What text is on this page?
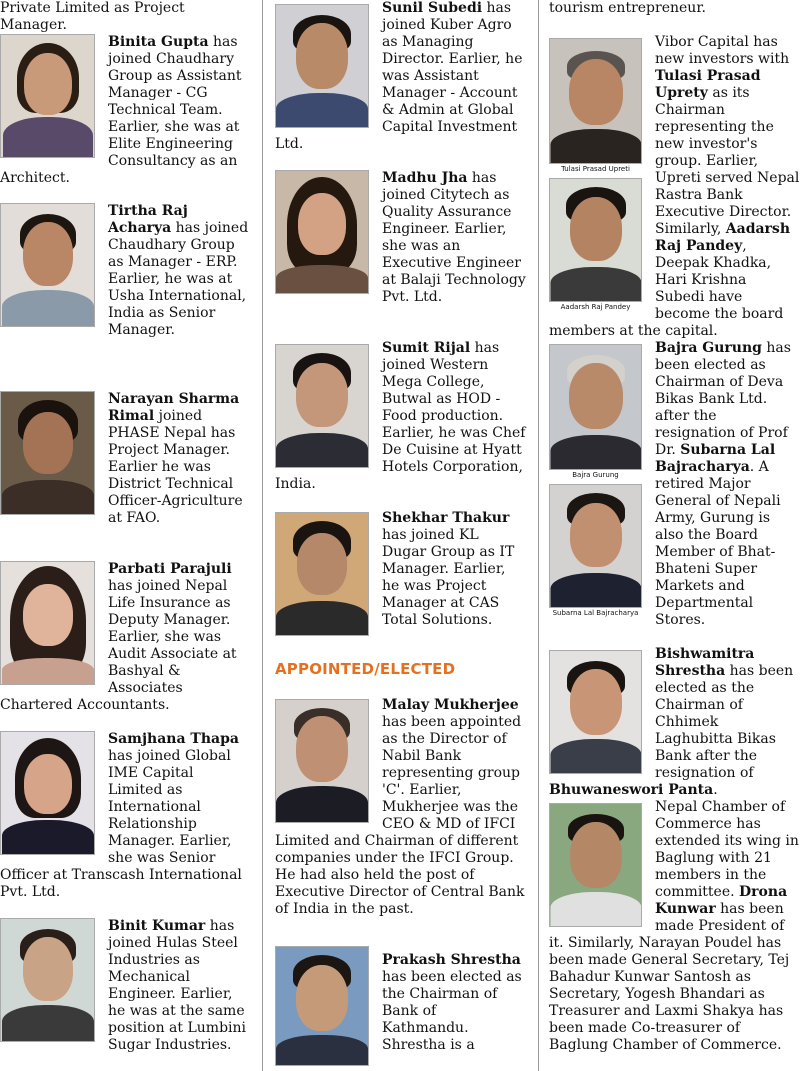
Private Limited as Project Manager.
Binita Gupta has joined Chaudhary Group as Assistant Manager - CG Technical Team. Earlier, she was at Elite Engineering Consultancy as an Architect.
Tirtha Raj Acharya has joined Chaudhary Group as Manager - ERP. Earlier, he was at Usha International, India as Senior Manager.
Narayan Sharma Rimal joined PHASE Nepal has Project Manager. Earlier he was District Technical Officer-Agriculture at FAO.
Parbati Parajuli has joined Nepal Life Insurance as Deputy Manager. Earlier, she was Audit Associate at Bashyal & Associates Chartered Accountants.
Samjhana Thapa has joined Global IME Capital Limited as International Relationship Manager. Earlier, she was Senior Officer at Transcash International Pvt. Ltd.
Binit Kumar has joined Hulas Steel Industries as Mechanical Engineer. Earlier, he was at the same position at Lumbini Sugar Industries.
Sunil Subedi has joined Kuber Agro as Managing Director. Earlier, he was Assistant Manager - Account & Admin at Global Capital Investment Ltd.
Madhu Jha has joined Citytech as Quality Assurance Engineer. Earlier, she was an Executive Engineer at Balaji Technology Pvt. Ltd.
Sumit Rijal has joined Western Mega College, Butwal as HOD - Food production. Earlier, he was Chef De Cuisine at Hyatt Hotels Corporation, India.
Shekhar Thakur has joined KL Dugar Group as IT Manager. Earlier, he was Project Manager at CAS Total Solutions.
APPOINTED/ELECTED
Malay Mukherjee has been appointed as the Director of Nabil Bank representing group 'C'. Earlier, Mukherjee was the CEO & MD of IFCI Limited and Chairman of different companies under the IFCI Group. He had also held the post of Executive Director of Central Bank of India in the past.
Prakash Shrestha has been elected as the Chairman of Bank of Kathmandu. Shrestha is a
tourism entrepreneur.
Tulasi Prasad Upreti
Aadarsh Raj Pandey
Vibor Capital has new investors with Tulasi Prasad Uprety as its Chairman representing the new investor's group. Earlier, Upreti served Nepal Rastra Bank Executive Director. Similarly, Aadarsh Raj Pandey, Deepak Khadka, Hari Krishna Subedi have become the board members at the capital.
Bajra Gurung
Subarna Lal Bajracharya
Bajra Gurung has been elected as Chairman of Deva Bikas Bank Ltd. after the resignation of Prof Dr. Subarna Lal Bajracharya. A retired Major General of Nepali Army, Gurung is also the Board Member of Bhat-Bhateni Super Markets and Departmental Stores.
Bishwamitra Shrestha has been elected as the Chairman of Chhimek Laghubitta Bikas Bank after the resignation of Bhuwaneswori Panta.
Nepal Chamber of Commerce has extended its wing in Baglung with 21 members in the committee. Drona Kunwar has been made President of it. Similarly, Narayan Poudel has been made General Secretary, Tej Bahadur Kunwar Santosh as Secretary, Yogesh Bhandari as Treasurer and Laxmi Shakya has been made Co-treasurer of Baglung Chamber of Commerce.
